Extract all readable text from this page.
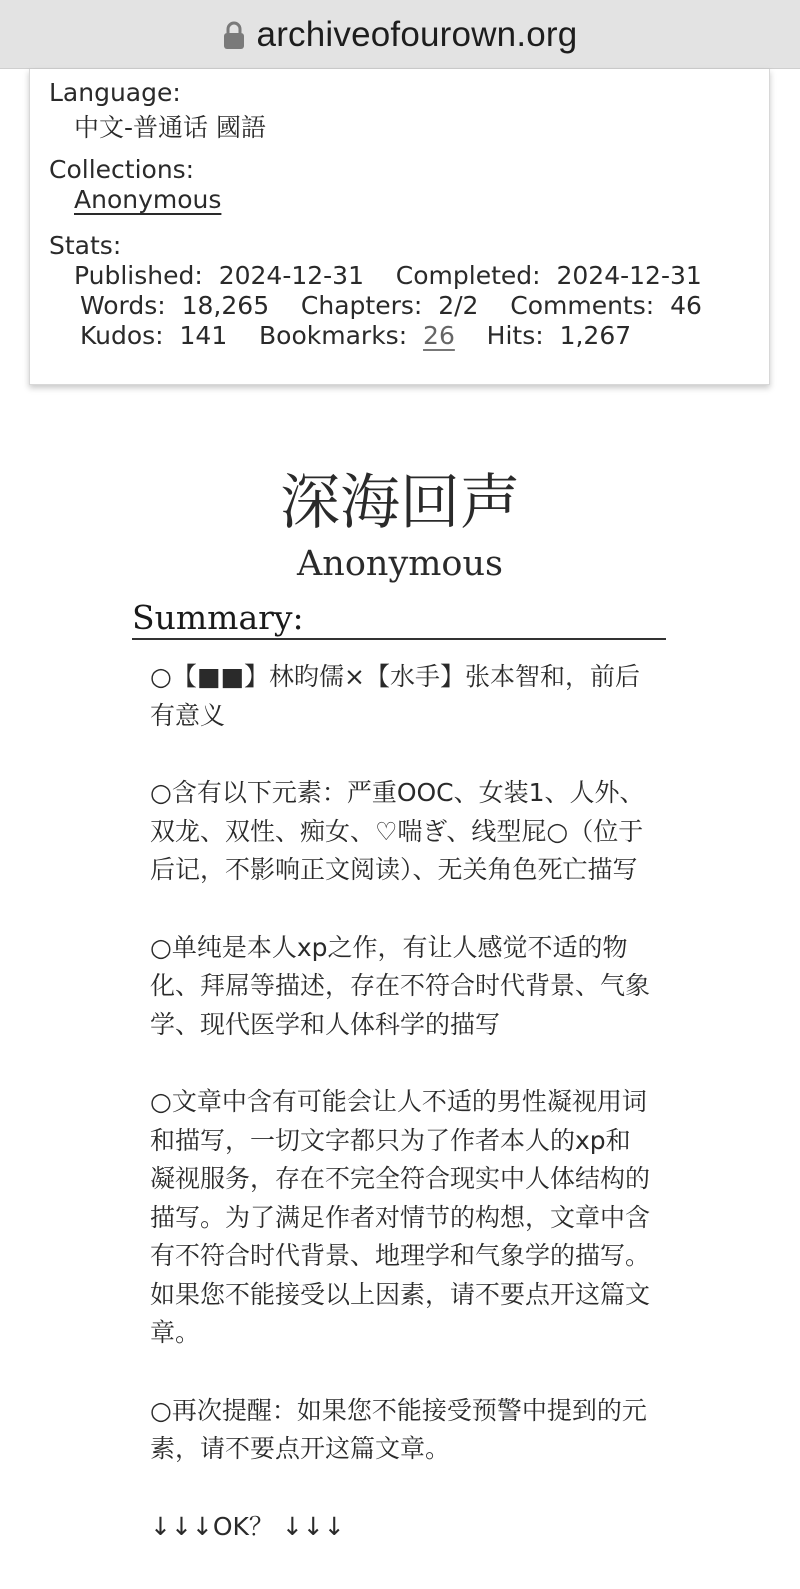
archiveofourown.org
Language:
中文-普通话 國語
Collections:
Anonymous
Stats:
Published: 2024-12-31 Completed: 2024-12-31
Words: 18,265 Chapters: 2/2 Comments: 46
Kudos: 141 Bookmarks: 26 Hits: 1,267
深海回声
Anonymous
Summary:

○【■■】林昀儒×【水手】张本智和，前后有意义

○含有以下元素：严重OOC、女装1、人外、双龙、双性、痴女、♡喘ぎ、线型屁○（位于后记，不影响正文阅读）、无关角色死亡描写

○单纯是本人xp之作，有让人感觉不适的物化、拜屌等描述，存在不符合时代背景、气象学、现代医学和人体科学的描写

○文章中含有可能会让人不适的男性凝视用词和描写，一切文字都只为了作者本人的xp和凝视服务，存在不完全符合现实中人体结构的描写。为了满足作者对情节的构想，文章中含有不符合时代背景、地理学和气象学的描写。如果您不能接受以上因素，请不要点开这篇文章。

○再次提醒：如果您不能接受预警中提到的元素，请不要点开这篇文章。

↓↓↓OK？ ↓↓↓
